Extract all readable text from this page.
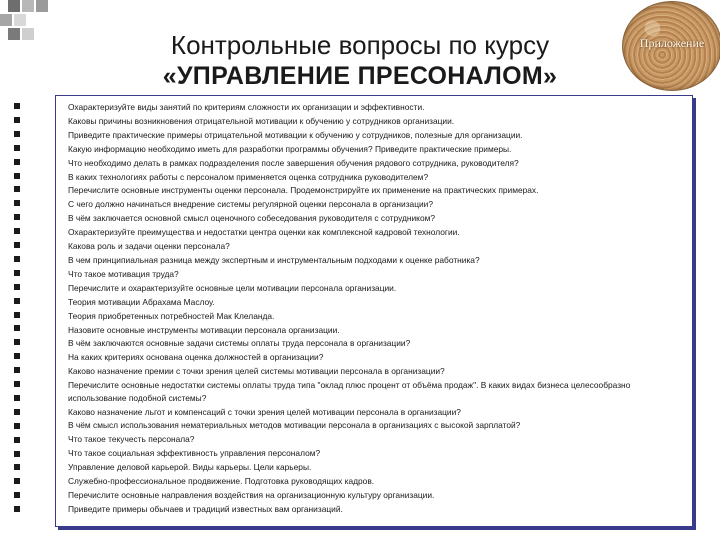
Контрольные вопросы по курсу
«УПРАВЛЕНИЕ ПРЕСОНАЛОМ»
Приложение
Охарактеризуйте виды занятий по критериям сложности их организации и эффективности.
Каковы причины возникновения отрицательной мотивации к обучению у сотрудников организации.
Приведите практические примеры отрицательной мотивации к обучению у сотрудников, полезные для организации.
Какую информацию необходимо иметь для разработки программы обучения? Приведите практические примеры.
Что необходимо делать в рамках подразделения после завершения обучения рядового сотрудника, руководителя?
В каких технологиях работы с персоналом применяется оценка сотрудника руководителем?
Перечислите основные инструменты оценки персонала. Продемонстрируйте их применение на практических примерах.
С чего должно начинаться внедрение системы регулярной оценки персонала в организации?
В чём заключается основной смысл оценочного собеседования руководителя с сотрудником?
Охарактеризуйте преимущества и недостатки центра оценки как комплексной кадровой технологии.
Какова роль и задачи оценки персонала?
В чем принципиальная разница между экспертным и инструментальным подходами к оценке работника?
Что такое мотивация труда?
Перечислите и охарактеризуйте основные цели мотивации персонала организации.
Теория мотивации Абрахама Маслоу.
Теория приобретенных потребностей Мак Клеланда.
Назовите основные инструменты мотивации персонала организации.
В чём заключаются основные задачи системы оплаты труда персонала в организации?
На каких критериях основана оценка должностей в организации?
Каково назначение премии с точки зрения целей системы мотивации персонала в организации?
Перечислите основные недостатки системы оплаты труда типа "оклад плюс процент от объёма продаж". В каких видах бизнеса целесообразно использование подобной системы?
Каково назначение льгот и компенсаций с точки зрения целей мотивации персонала в организации?
В чём смысл использования нематериальных методов мотивации персонала в организациях с высокой зарплатой?
Что такое текучесть персонала?
Что такое социальная эффективность управления персоналом?
Управление деловой карьерой. Виды карьеры. Цели карьеры.
Служебно-профессиональное продвижение. Подготовка руководящих кадров.
Перечислите основные направления воздействия на организационную культуру организации.
Приведите примеры обычаев и традиций известных вам организаций.
